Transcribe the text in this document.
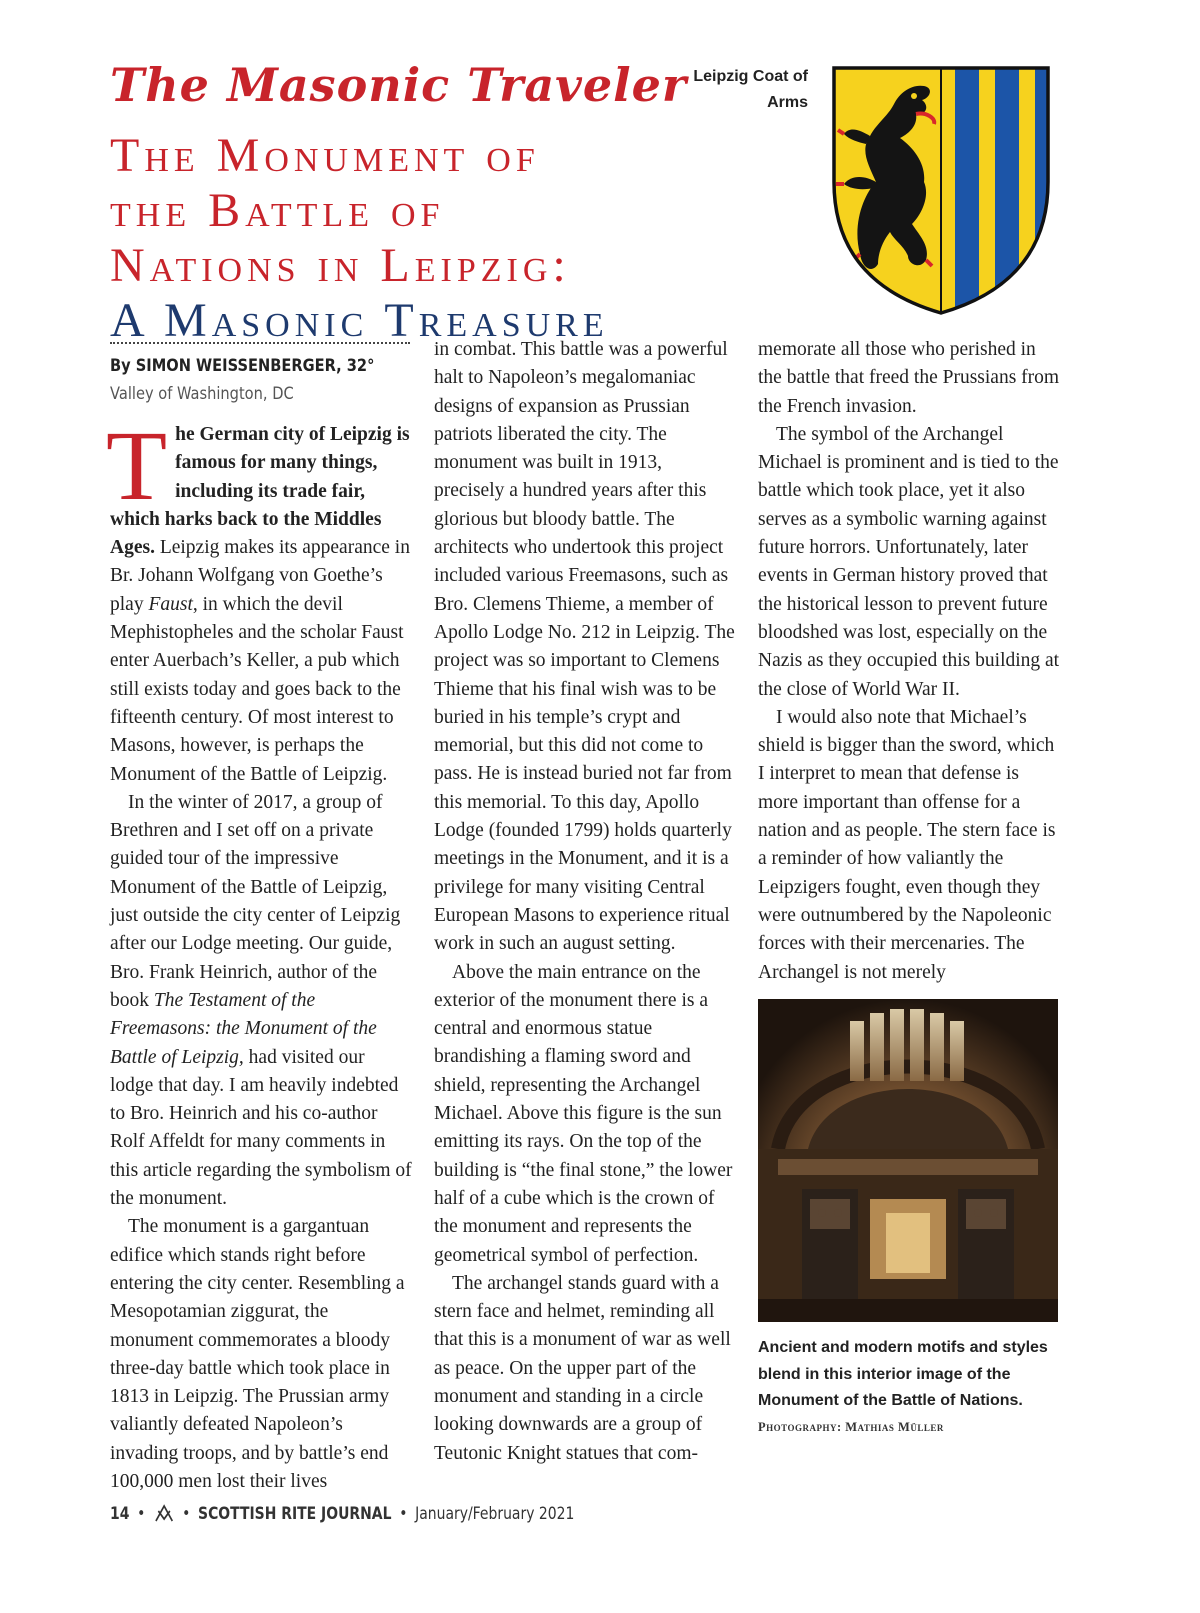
The Masonic Traveler
The Monument of
the Battle of
Nations in Leipzig:
A Masonic Treasure
Leipzig Coat of Arms
By SIMON WEISSENBERGER, 32°
Valley of Washington, DC

The German city of Leipzig is famous for many things, including its trade fair, which harks back to the Middles Ages. Leipzig makes its appearance in Br. Johann Wolfgang von Goethe’s play Faust, in which the devil Mephistopheles and the scholar Faust enter Auerbach’s Keller, a pub which still exists today and goes back to the fifteenth century. Of most interest to Masons, however, is perhaps the Monument of the Battle of Leipzig.

In the winter of 2017, a group of Brethren and I set off on a private guided tour of the impressive Monument of the Battle of Leipzig, just outside the city center of Leipzig after our Lodge meeting. Our guide, Bro. Frank Heinrich, author of the book The Testament of the Freemasons: the Monument of the Battle of Leipzig, had visited our lodge that day. I am heavily indebted to Bro. Heinrich and his co-author Rolf Affeldt for many comments in this article regarding the symbolism of the monument.

The monument is a gargantuan edifice which stands right before entering the city center. Resembling a Mesopotamian ziggurat, the monument commemorates a bloody three-day battle which took place in 1813 in Leipzig. The Prussian army valiantly defeated Napoleon’s invading troops, and by battle’s end 100,000 men lost their lives

in combat. This battle was a powerful halt to Napoleon’s megalomaniac designs of expansion as Prussian patriots liberated the city. The monument was built in 1913, precisely a hundred years after this glorious but bloody battle. The architects who undertook this project included various Freemasons, such as Bro. Clemens Thieme, a member of Apollo Lodge No. 212 in Leipzig. The project was so important to Clemens Thieme that his final wish was to be buried in his temple’s crypt and memorial, but this did not come to pass. He is instead buried not far from this memorial. To this day, Apollo Lodge (founded 1799) holds quarterly meetings in the Monument, and it is a privilege for many visiting Central European Masons to experience ritual work in such an august setting.

Above the main entrance on the exterior of the monument there is a central and enormous statue brandishing a flaming sword and shield, representing the Archangel Michael. Above this figure is the sun emitting its rays. On the top of the building is “the final stone,” the lower half of a cube which is the crown of the monument and represents the geometrical symbol of perfection.

The archangel stands guard with a stern face and helmet, reminding all that this is a monument of war as well as peace. On the upper part of the monument and standing in a circle looking downwards are a group of Teutonic Knight statues that com-

memorate all those who perished in the battle that freed the Prussians from the French invasion.

The symbol of the Archangel Michael is prominent and is tied to the battle which took place, yet it also serves as a symbolic warning against future horrors. Unfortunately, later events in German history proved that the historical lesson to prevent future bloodshed was lost, especially on the Nazis as they occupied this building at the close of World War II.

I would also note that Michael’s shield is bigger than the sword, which I interpret to mean that defense is more important than offense for a nation and as people. The stern face is a reminder of how valiantly the Leipzigers fought, even though they were outnumbered by the Napoleonic forces with their mercenaries. The Archangel is not merely

Ancient and modern motifs and styles blend in this interior image of the Monument of the Battle of Nations.
Photography: Mathias Müller
14 • • SCOTTISH RITE JOURNAL • January/February 2021
